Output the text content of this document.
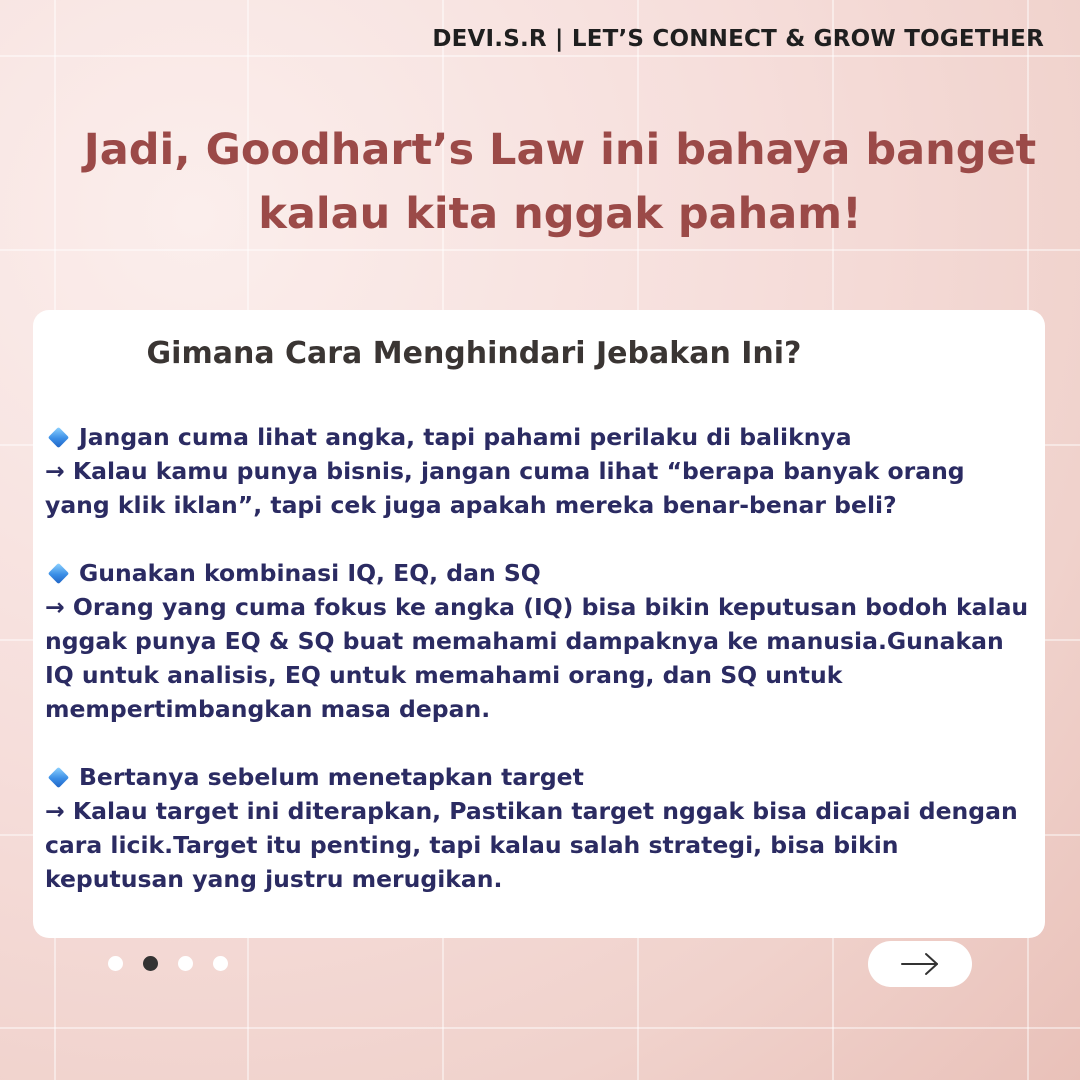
DEVI.S.R | LET’S CONNECT & GROW TOGETHER
Jadi, Goodhart’s Law ini bahaya banget
kalau kita nggak paham!
Gimana Cara Menghindari Jebakan Ini?
Jangan cuma lihat angka, tapi pahami perilaku di baliknya
→ Kalau kamu punya bisnis, jangan cuma lihat “berapa banyak orang yang klik iklan”, tapi cek juga apakah mereka benar-benar beli?
Gunakan kombinasi IQ, EQ, dan SQ
→ Orang yang cuma fokus ke angka (IQ) bisa bikin keputusan bodoh kalau nggak punya EQ & SQ buat memahami dampaknya ke manusia.Gunakan IQ untuk analisis, EQ untuk memahami orang, dan SQ untuk mempertimbangkan masa depan.
Bertanya sebelum menetapkan target
→ Kalau target ini diterapkan, Pastikan target nggak bisa dicapai dengan cara licik.Target itu penting, tapi kalau salah strategi, bisa bikin keputusan yang justru merugikan.
